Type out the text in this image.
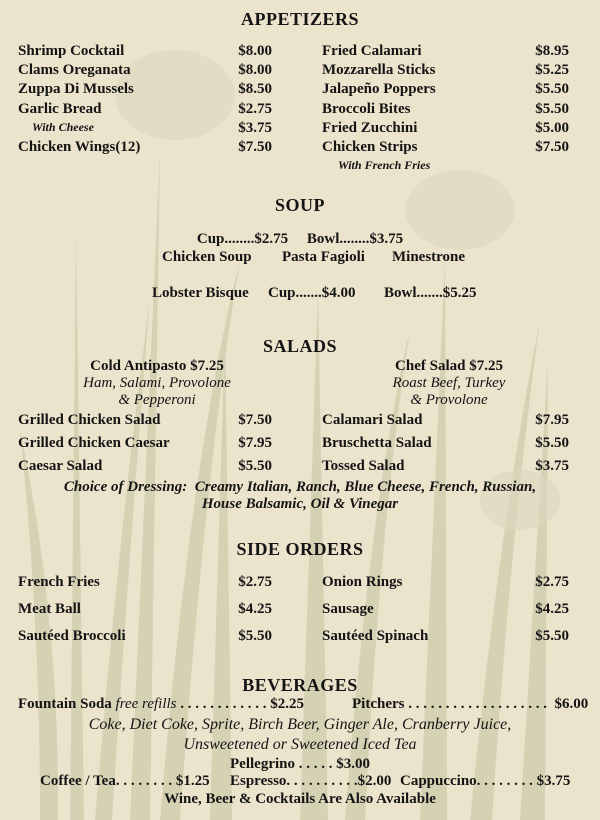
APPETIZERS
Shrimp Cocktail	$8.00
Clams Oreganata	$8.00
Zuppa Di Mussels	$8.50
Garlic Bread	$2.75
With Cheese	$3.75
Chicken Wings(12)	$7.50
Fried Calamari	$8.95
Mozzarella Sticks	$5.25
Jalapeño Poppers	$5.50
Broccoli Bites	$5.50
Fried Zucchini	$5.00
Chicken Strips	$7.50
With French Fries
SOUP
Cup........$2.75     Bowl........$3.75
Chicken Soup Pasta Fagioli Minestrone
Lobster Bisque Cup.......$4.00 Bowl.......$5.25
SALADS
Cold Antipasto $7.25
Ham, Salami, Provolone
& Pepperoni
Chef Salad $7.25
Roast Beef, Turkey
& Provolone
Grilled Chicken Salad	$7.50
Grilled Chicken Caesar	$7.95
Caesar Salad	$5.50
Calamari Salad	$7.95
Bruschetta Salad	$5.50
Tossed Salad	$3.75
Choice of Dressing:  Creamy Italian, Ranch, Blue Cheese, French, Russian,
House Balsamic, Oil & Vinegar
SIDE ORDERS
French Fries	$2.75
Meat Ball	$4.25
Sautéed Broccoli	$5.50
Onion Rings	$2.75
Sausage	$4.25
Sautéed Spinach	$5.50
BEVERAGES
Fountain Soda free refills . . . . . . . . . . . . $2.25	Pitchers . . . . . . . . . . . . . . . . . . .  $6.00
Coke, Diet Coke, Sprite, Birch Beer, Ginger Ale, Cranberry Juice,
Unsweetened or Sweetened Iced Tea
Pellegrino . . . . . $3.00
Coffee / Tea. . . . . . . . $1.25 Espresso. . . . . . . . . .$2.00 Cappuccino. . . . . . . . $3.75
Wine, Beer & Cocktails Are Also Available
